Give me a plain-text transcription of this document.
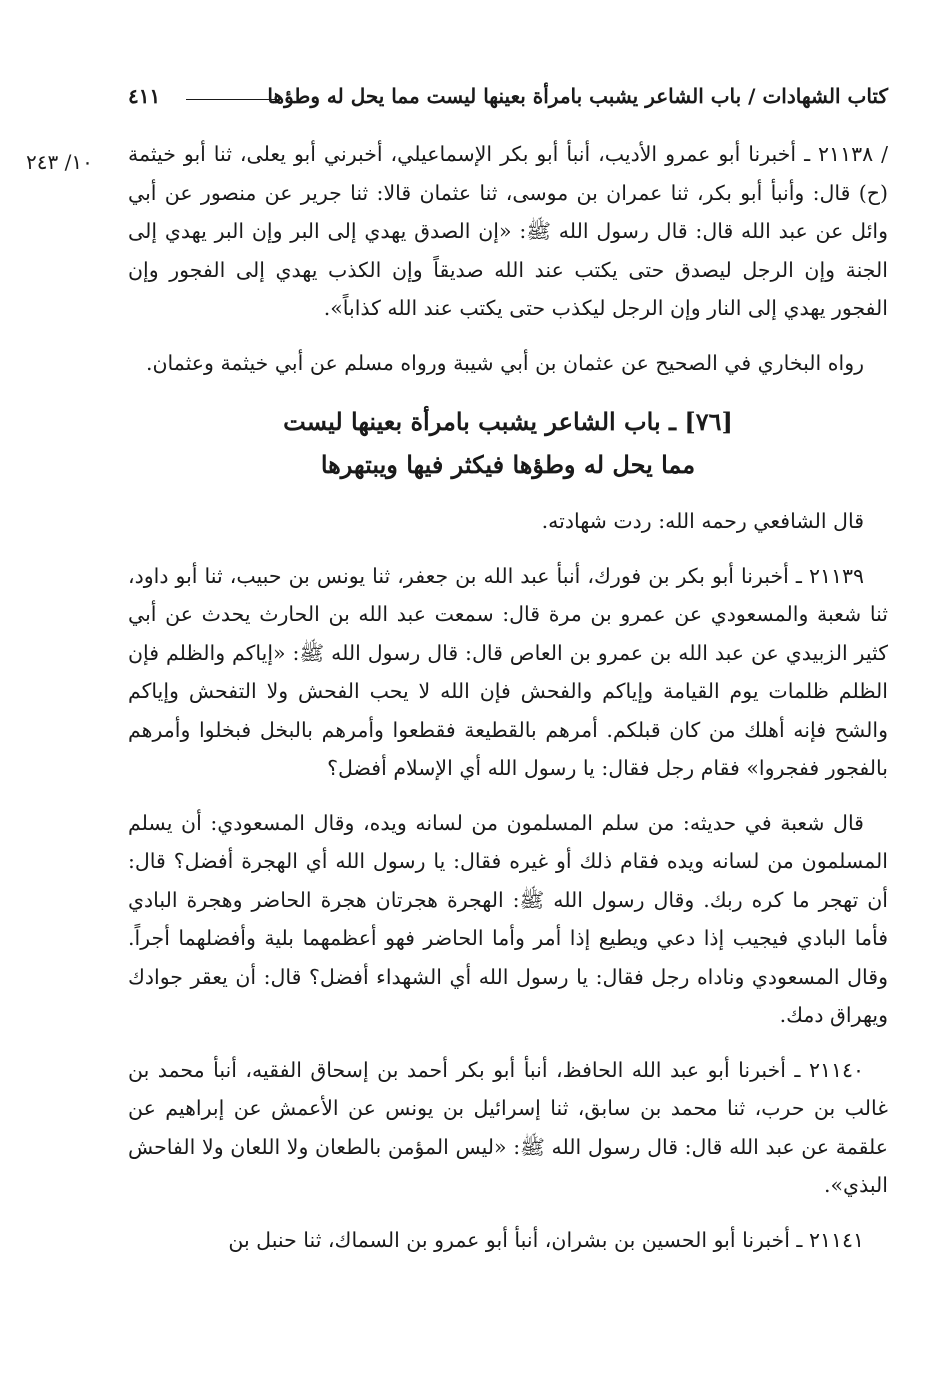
كتاب الشهادات / باب الشاعر يشبب بامرأة بعينها ليست مما يحل له وطؤها
٤١١
١٠/ ٢٤٣ / ٢١١٣٨ ـ أخبرنا أبو عمرو الأديب، أنبأ أبو بكر الإسماعيلي، أخبرني أبو يعلى، ثنا أبو خيثمة (ح) قال: وأنبأ أبو بكر، ثنا عمران بن موسى، ثنا عثمان قالا: ثنا جرير عن منصور عن أبي وائل عن عبد الله قال: قال رسول الله ﷺ: «إن الصدق يهدي إلى البر وإن البر يهدي إلى الجنة وإن الرجل ليصدق حتى يكتب عند الله صديقاً وإن الكذب يهدي إلى الفجور وإن الفجور يهدي إلى النار وإن الرجل ليكذب حتى يكتب عند الله كذاباً».

رواه البخاري في الصحيح عن عثمان بن أبي شيبة ورواه مسلم عن أبي خيثمة وعثمان.

[٧٦] ـ باب الشاعر يشبب بامرأة بعينها ليست
مما يحل له وطؤها فيكثر فيها ويبتهرها

قال الشافعي رحمه الله: ردت شهادته.

٢١١٣٩ ـ أخبرنا أبو بكر بن فورك، أنبأ عبد الله بن جعفر، ثنا يونس بن حبيب، ثنا أبو داود، ثنا شعبة والمسعودي عن عمرو بن مرة قال: سمعت عبد الله بن الحارث يحدث عن أبي كثير الزبيدي عن عبد الله بن عمرو بن العاص قال: قال رسول الله ﷺ: «إياكم والظلم فإن الظلم ظلمات يوم القيامة وإياكم والفحش فإن الله لا يحب الفحش ولا التفحش وإياكم والشح فإنه أهلك من كان قبلكم. أمرهم بالقطيعة فقطعوا وأمرهم بالبخل فبخلوا وأمرهم بالفجور ففجروا» فقام رجل فقال: يا رسول الله أي الإسلام أفضل؟

قال شعبة في حديثه: من سلم المسلمون من لسانه ويده، وقال المسعودي: أن يسلم المسلمون من لسانه ويده فقام ذلك أو غيره فقال: يا رسول الله أي الهجرة أفضل؟ قال: أن تهجر ما كره ربك. وقال رسول الله ﷺ: الهجرة هجرتان هجرة الحاضر وهجرة البادي فأما البادي فيجيب إذا دعي ويطيع إذا أمر وأما الحاضر فهو أعظمهما بلية وأفضلهما أجراً. وقال المسعودي وناداه رجل فقال: يا رسول الله أي الشهداء أفضل؟ قال: أن يعقر جوادك ويهراق دمك.

٢١١٤٠ ـ أخبرنا أبو عبد الله الحافظ، أنبأ أبو بكر أحمد بن إسحاق الفقيه، أنبأ محمد بن غالب بن حرب، ثنا محمد بن سابق، ثنا إسرائيل بن يونس عن الأعمش عن إبراهيم عن علقمة عن عبد الله قال: قال رسول الله ﷺ: «ليس المؤمن بالطعان ولا اللعان ولا الفاحش البذي».

٢١١٤١ ـ أخبرنا أبو الحسين بن بشران، أنبأ أبو عمرو بن السماك، ثنا حنبل بن
